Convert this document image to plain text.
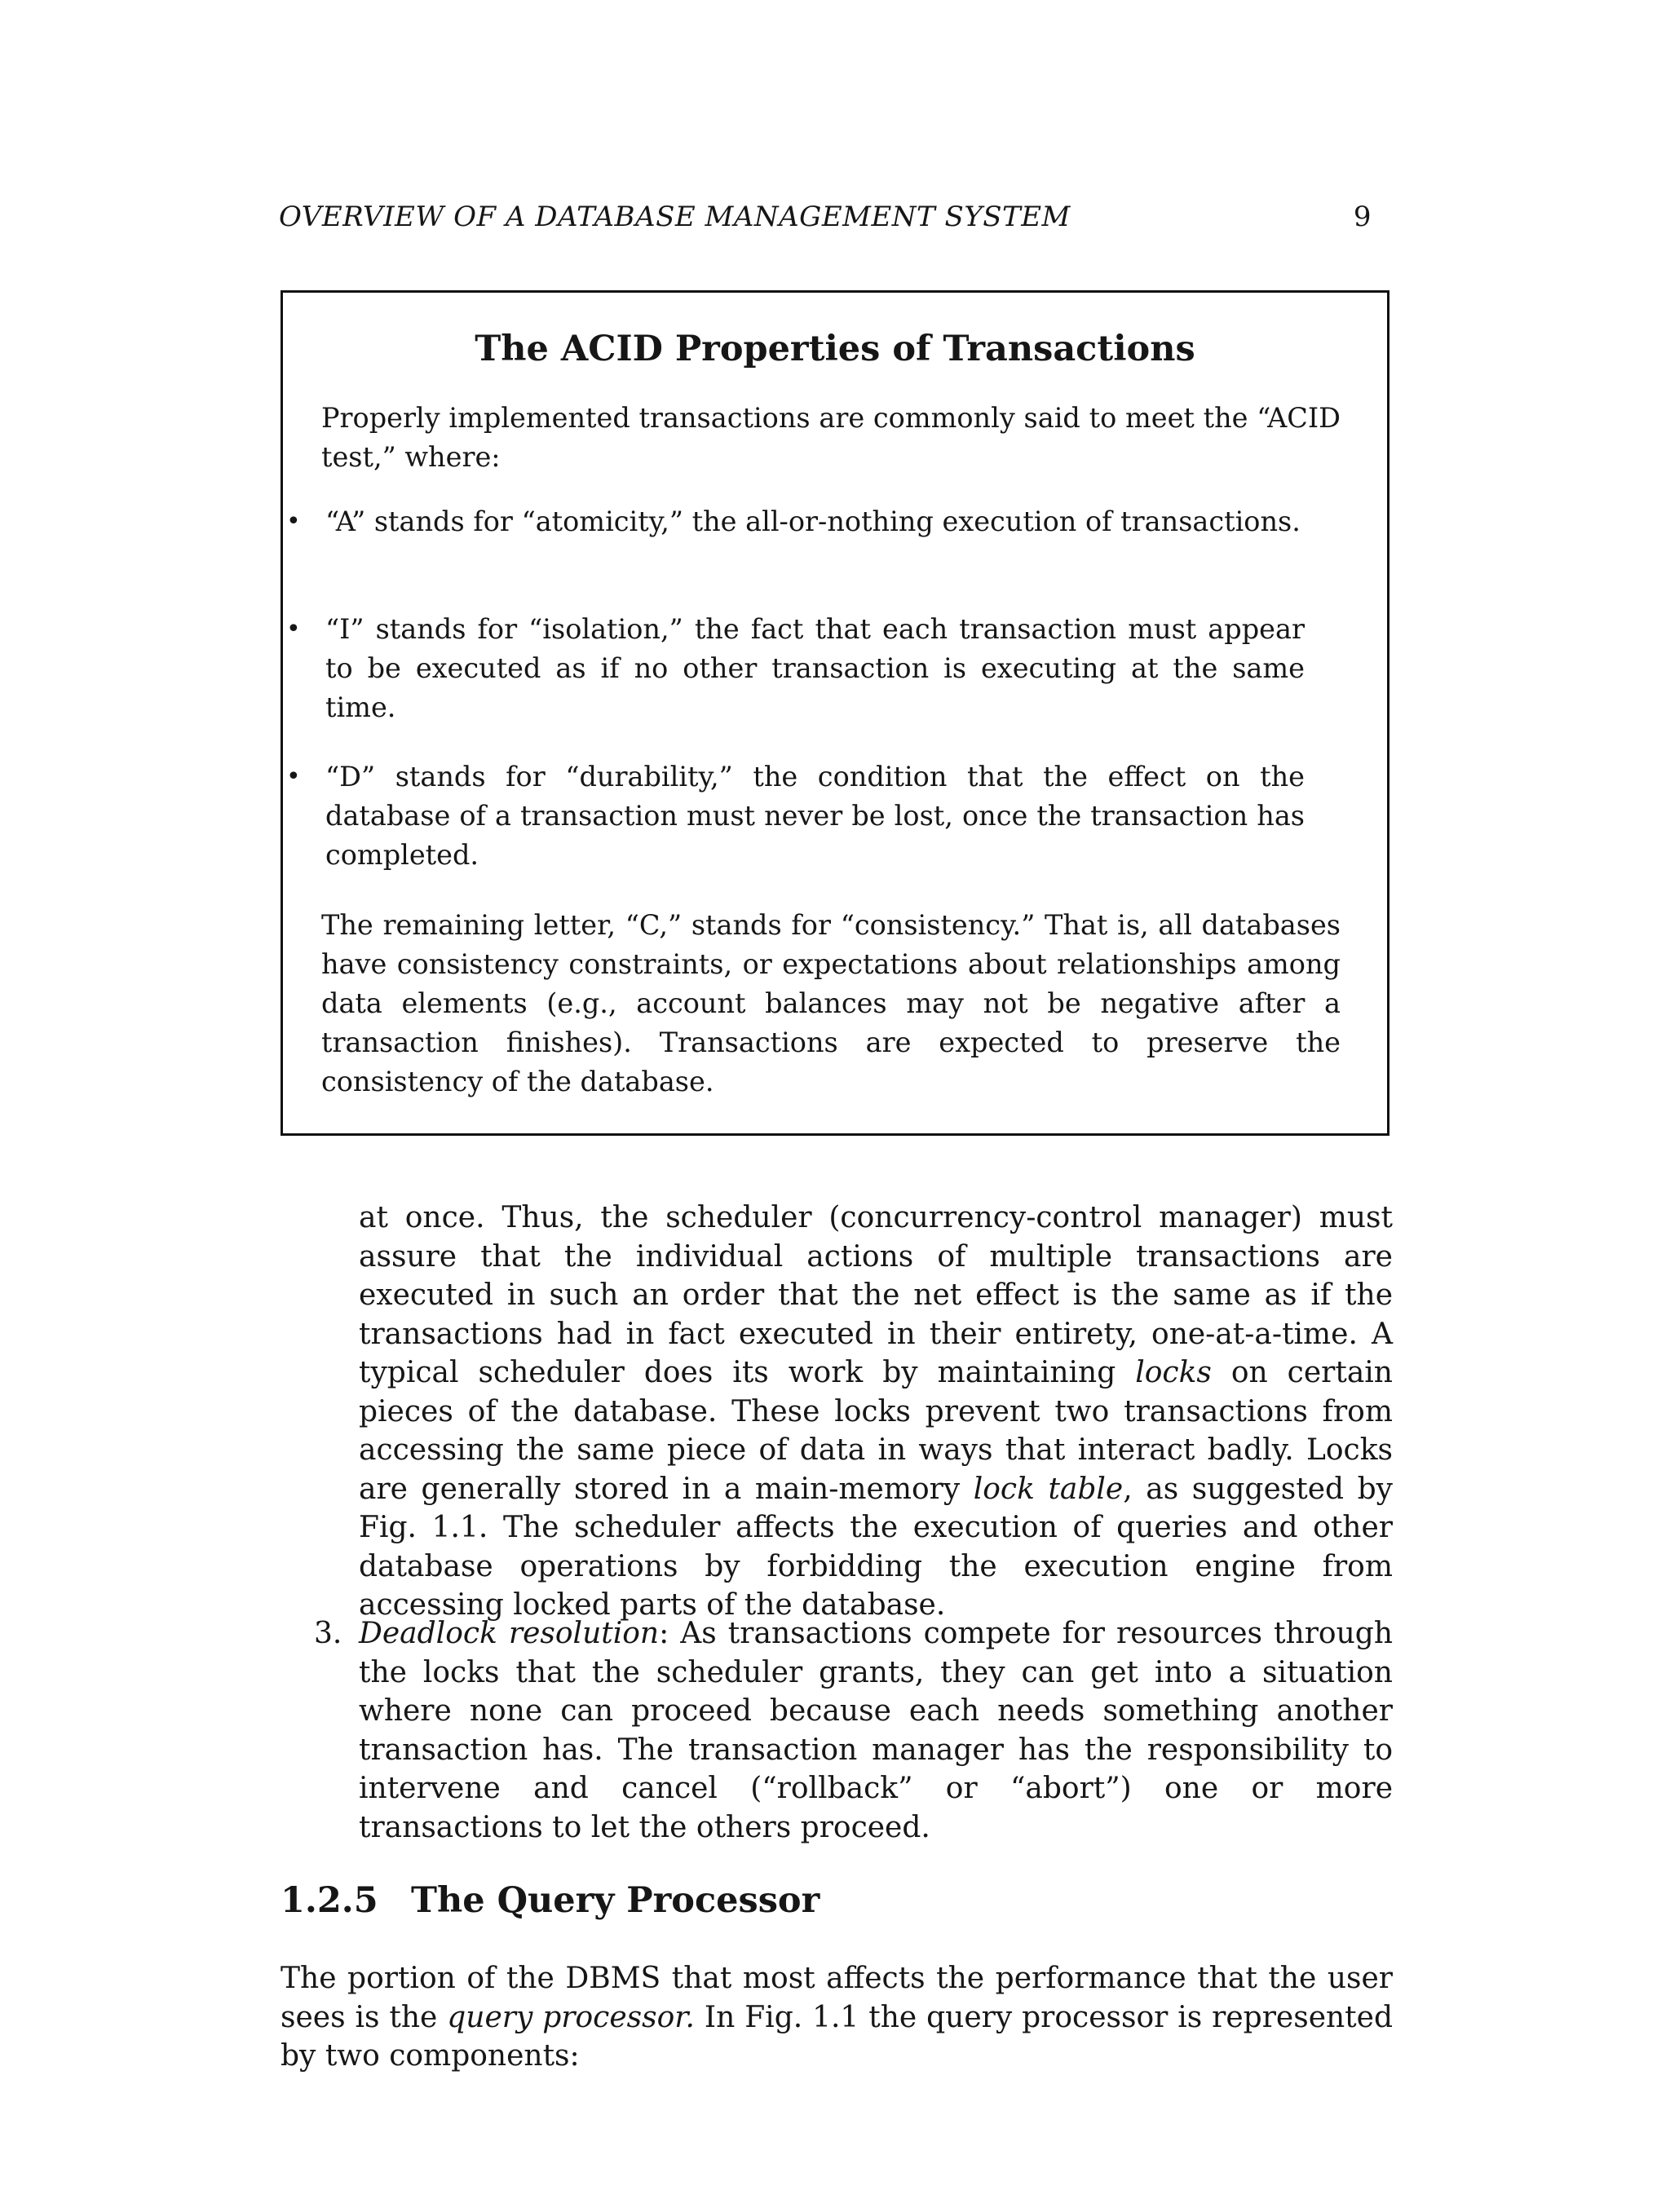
OVERVIEW OF A DATABASE MANAGEMENT SYSTEM	9
The ACID Properties of Transactions
Properly implemented transactions are commonly said to meet the “ACID test,” where:
• “A” stands for “atomicity,” the all-or-nothing execution of transactions.
• “I” stands for “isolation,” the fact that each transaction must appear to be executed as if no other transaction is executing at the same time.
• “D” stands for “durability,” the condition that the effect on the database of a transaction must never be lost, once the transaction has completed.
The remaining letter, “C,” stands for “consistency.” That is, all databases have consistency constraints, or expectations about relationships among data elements (e.g., account balances may not be negative after a transaction finishes). Transactions are expected to preserve the consistency of the database.
at once. Thus, the scheduler (concurrency-control manager) must assure that the individual actions of multiple transactions are executed in such an order that the net effect is the same as if the transactions had in fact executed in their entirety, one-at-a-time. A typical scheduler does its work by maintaining locks on certain pieces of the database. These locks prevent two transactions from accessing the same piece of data in ways that interact badly. Locks are generally stored in a main-memory lock table, as suggested by Fig. 1.1. The scheduler affects the execution of queries and other database operations by forbidding the execution engine from accessing locked parts of the database.
3. Deadlock resolution: As transactions compete for resources through the locks that the scheduler grants, they can get into a situation where none can proceed because each needs something another transaction has. The transaction manager has the responsibility to intervene and cancel (“rollback” or “abort”) one or more transactions to let the others proceed.
1.2.5 The Query Processor
The portion of the DBMS that most affects the performance that the user sees is the query processor. In Fig. 1.1 the query processor is represented by two components:
